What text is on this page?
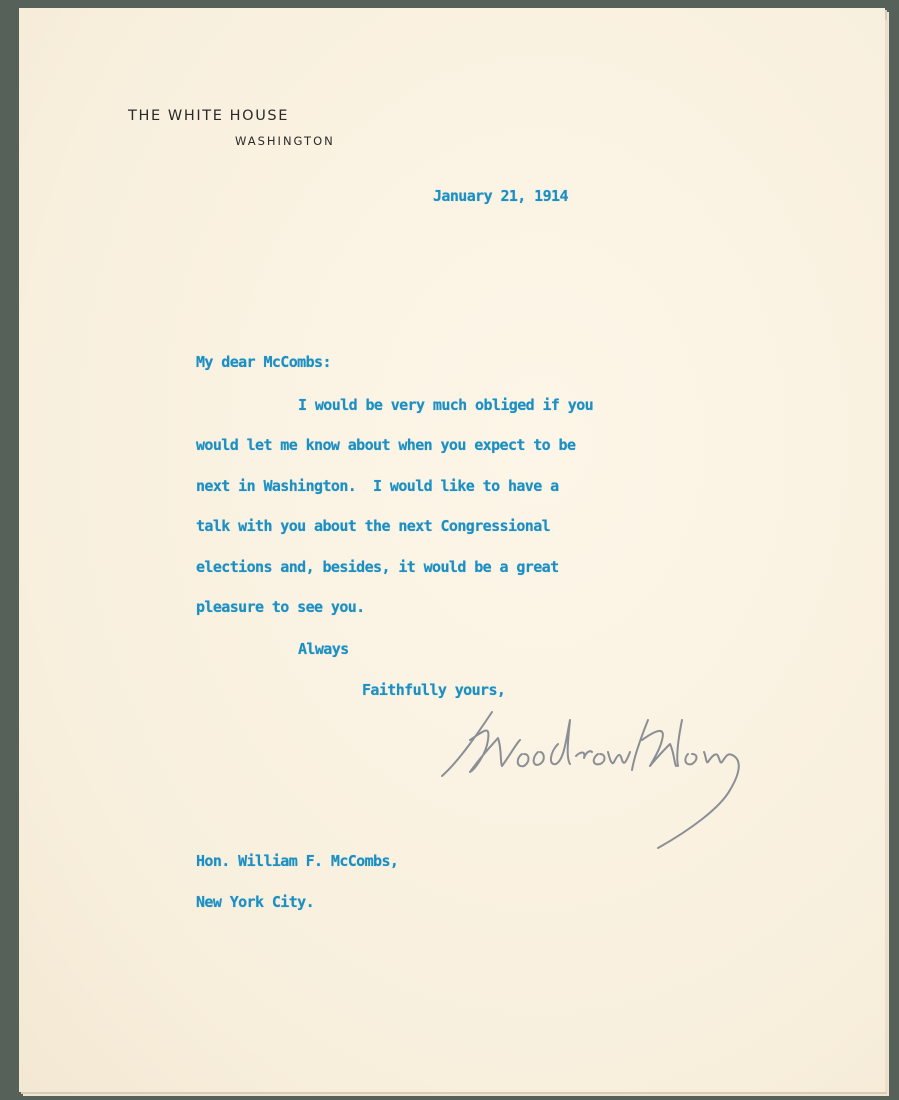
THE WHITE HOUSE
WASHINGTON
January 21, 1914
My dear McCombs:
I would be very much obliged if you
would let me know about when you expect to be
next in Washington.  I would like to have a
talk with you about the next Congressional
elections and, besides, it would be a great
pleasure to see you.
Always
Faithfully yours,
Hon. William F. McCombs,
New York City.
